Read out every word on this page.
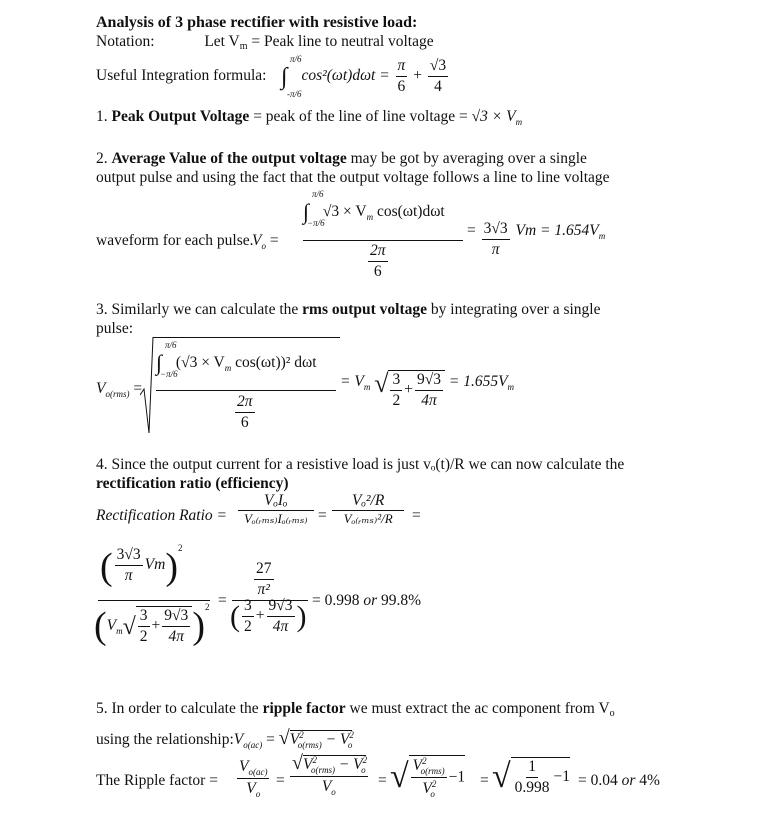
Analysis of 3 phase rectifier with resistive load:
Notation:	Let Vm = Peak line to neutral voltage
Useful Integration formula: ∫
π/6
-π/6
$\cos^2(\omega t)d\omega t = \frac{\pi}{6} + \frac{√3}{4}$
1. Peak Output Voltage = peak of the line of line voltage = $√3 \times V_m$
2. Average Value of the output voltage may be got by averaging over a single
output pulse and using the fact that the output voltage follows a line to line voltage
waveform for each pulse.
$V_o$ =
∫
π/6
−π/6
$√3 \times V_m$ cos(ωt)dωt
$\frac{2\pi}{6}$
= $\frac{3√3}{\pi}$ $Vm = 1.654V^m$
3. Similarly we can calculate the rms output voltage by integrating over a single
pulse:
$V_{o(rms)}$ =
∫
π/6
−π/6
($√3 \times V_m$ cos(ωt))² dωt
$\frac{2\pi}{6}$
= $V^m$ √ $\frac{3}{2} + \frac{9√3}{4\pi} = 1.655V^m$
4. Since the output current for a resistive load is just vₒ(t)/R we can now calculate the
rectification ratio (efficiency)
Rectification Ratio = $\frac{\text{VₒIₒ}}{\text{Vₒ₍ᵣₘₛ₎Iₒ₍ᵣₘₛ₎}} = \frac{\text{Vₒ²/R}}{\text{Vₒ₍ᵣₘₛ₎²/R}}$ =
( $\frac{3√3}{\pi} Vm)^2$
$(V^m√ \frac{3}{2} + \frac{9√3}{4\pi} )^2$ =
$\frac{27}{\text{π²}}$
( $\frac{3}{2} + \frac{9√3}{4\pi}$ ) = 0.998 or 99.8%
5. In order to calculate the ripple factor we must extract the ac component from Vo
using the $relationship:V_{o(ac)} = √V^2_{o(rms)} - V^2_o$
The Ripple factor = $\frac{V_{o(ac)}}{V_o} = \frac{√V^2_{o(rms)} - V^2_o}{V_o}$ = √ $\frac{V^2_{o(rms)}}{V^2_o} -1$ = √ $\frac{1}{0.998} -1 = 0.04$ or 4%
